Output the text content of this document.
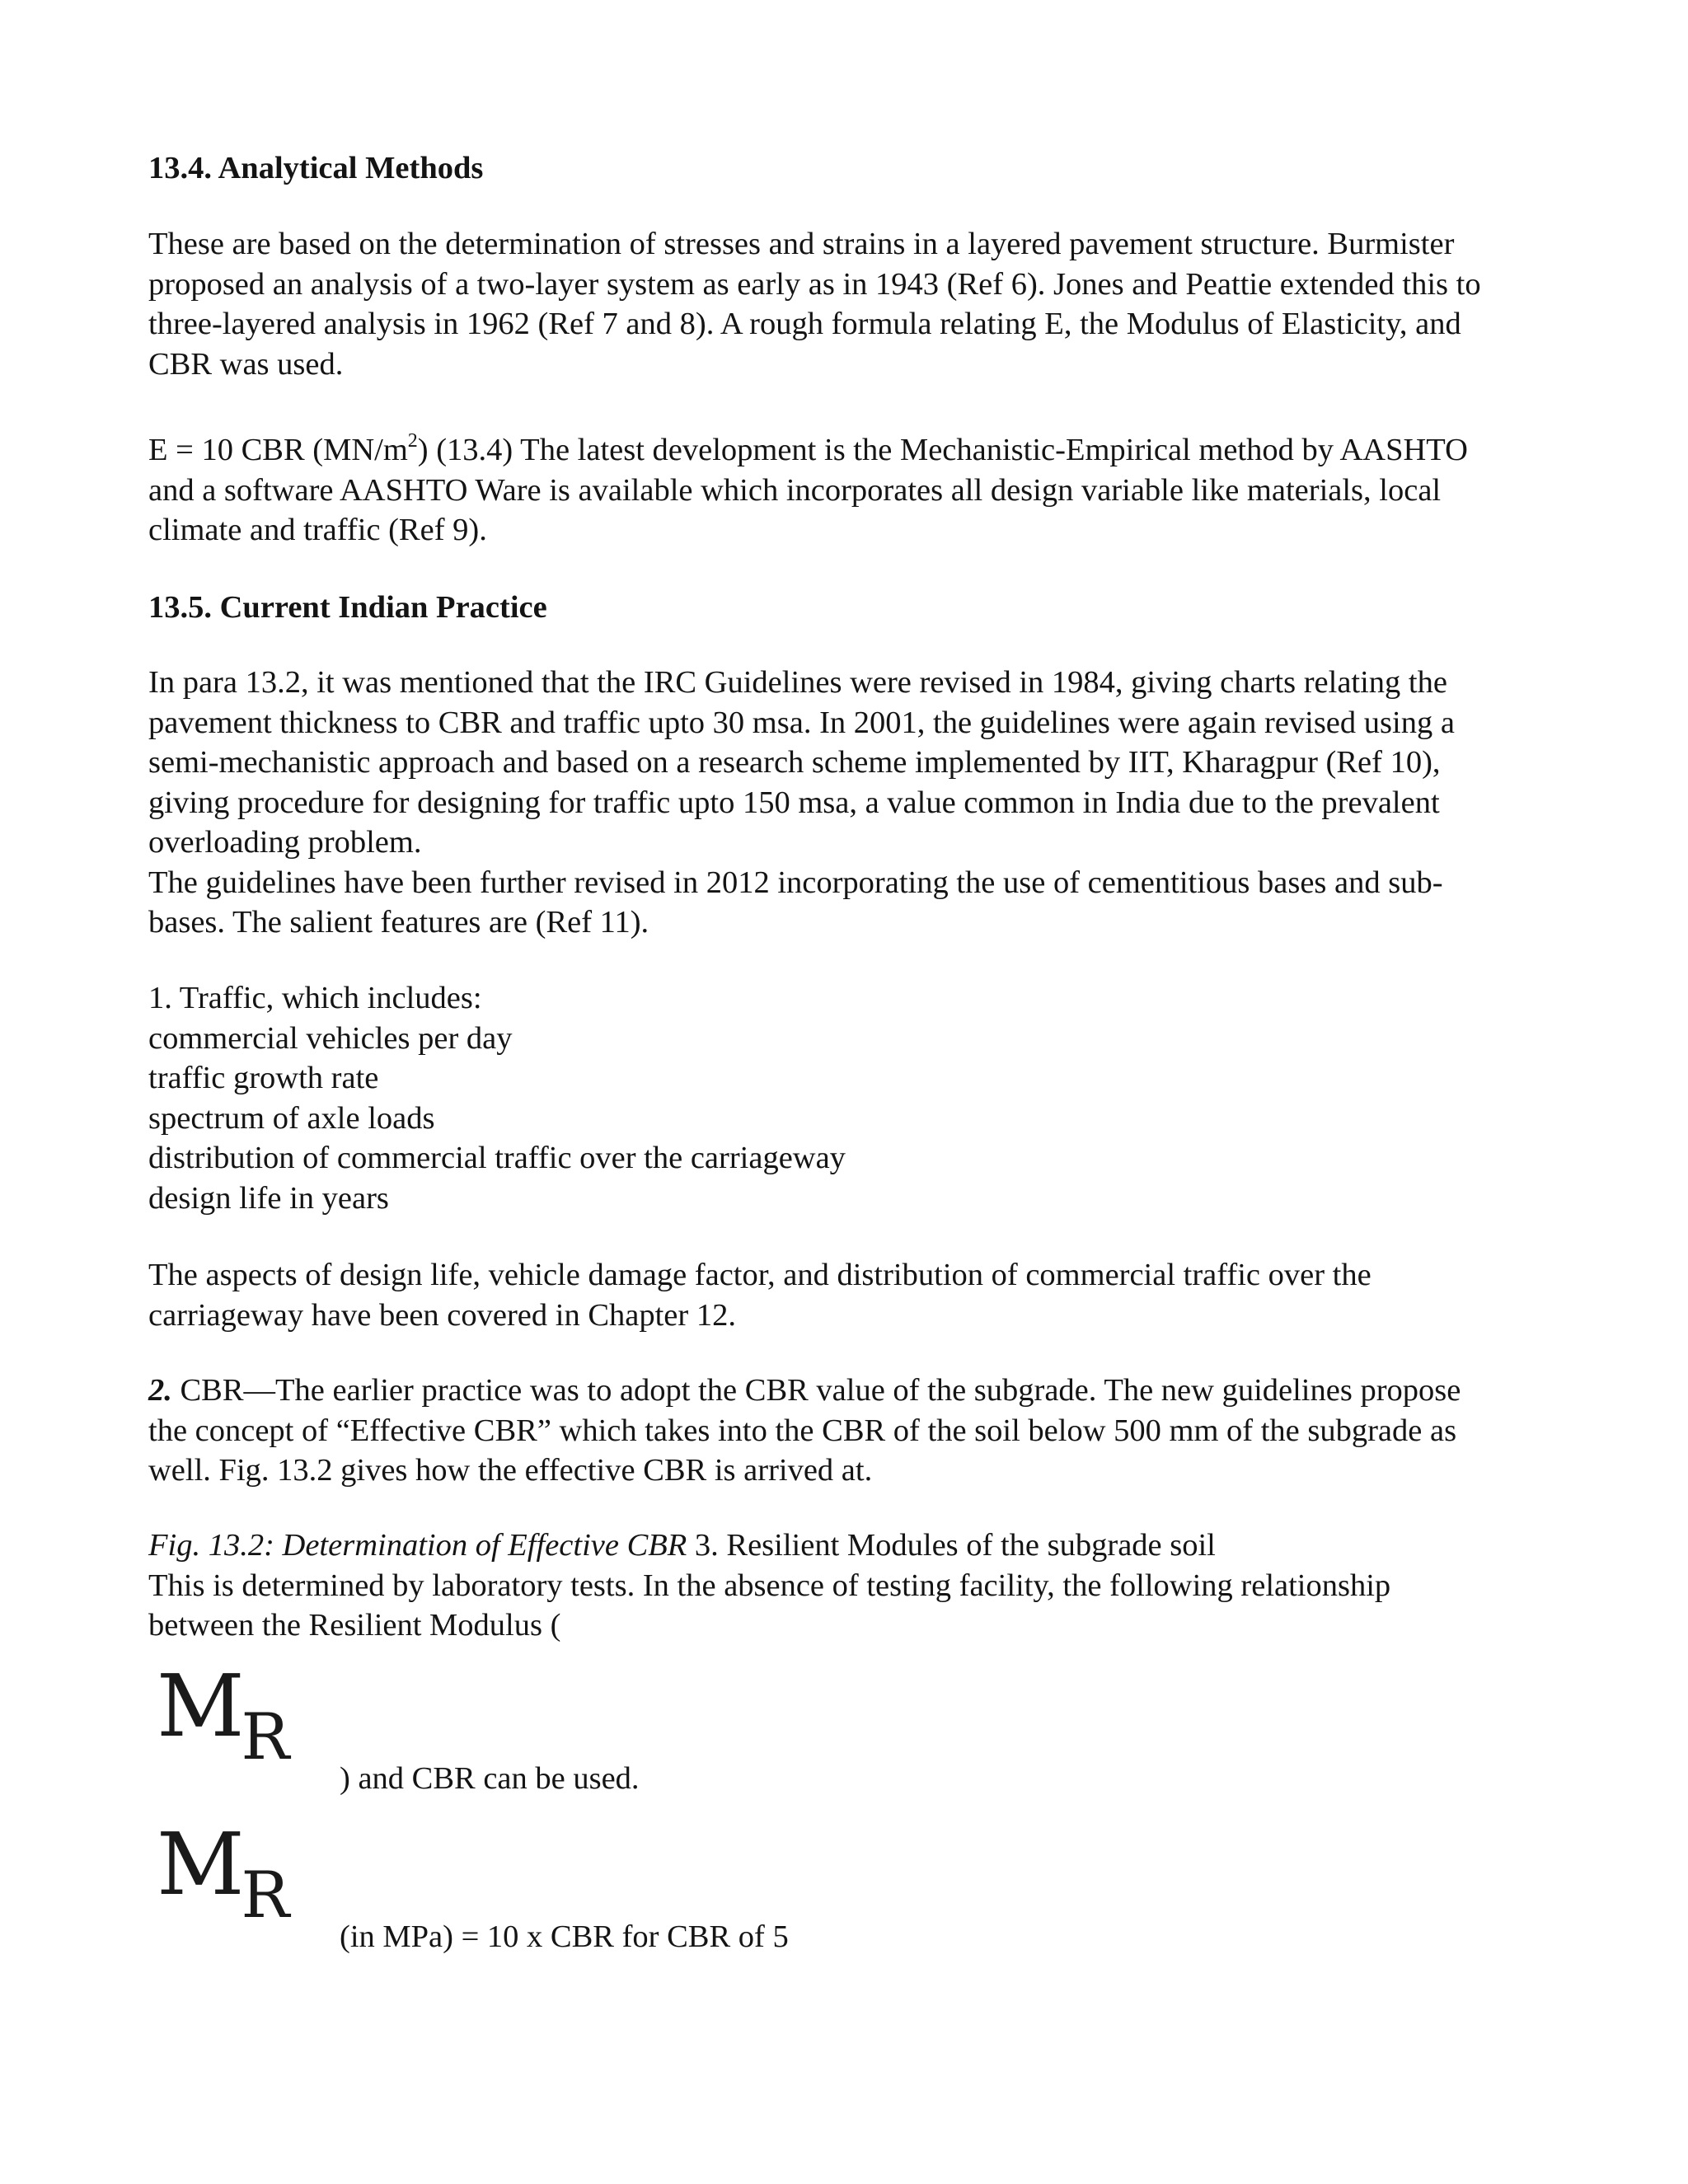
13.4. Analytical Methods
These are based on the determination of stresses and strains in a layered pavement structure. Burmister
proposed an analysis of a two-layer system as early as in 1943 (Ref 6). Jones and Peattie extended this to
three-layered analysis in 1962 (Ref 7 and 8). A rough formula relating E, the Modulus of Elasticity, and
CBR was used.
E = 10 CBR $(MN/m^2)$ (13.4) The latest development is the Mechanistic-Empirical method by AASHTO
and a software AASHTO Ware is available which incorporates all design variable like materials, local
climate and traffic (Ref 9).
13.5. Current Indian Practice
In para 13.2, it was mentioned that the IRC Guidelines were revised in 1984, giving charts relating the
pavement thickness to CBR and traffic upto 30 msa. In 2001, the guidelines were again revised using a
semi-mechanistic approach and based on a research scheme implemented by IIT, Kharagpur (Ref 10),
giving procedure for designing for traffic upto 150 msa, a value common in India due to the prevalent
overloading problem.
The guidelines have been further revised in 2012 incorporating the use of cementitious bases and sub-
bases. The salient features are (Ref 11).
1. Traffic, which includes:
commercial vehicles per day
traffic growth rate
spectrum of axle loads
distribution of commercial traffic over the carriageway
design life in years
The aspects of design life, vehicle damage factor, and distribution of commercial traffic over the
carriageway have been covered in Chapter 12.
2. CBR—The earlier practice was to adopt the CBR value of the subgrade. The new guidelines propose
the concept of “Effective CBR” which takes into the CBR of the soil below 500 mm of the subgrade as
well. Fig. 13.2 gives how the effective CBR is arrived at.
Fig. 13.2: Determination of Effective CBR 3. Resilient Modules of the subgrade soil
This is determined by laboratory tests. In the absence of testing facility, the following relationship
between the Resilient Modulus (
MR
) and CBR can be used.
MR
(in MPa) = 10 x CBR for CBR of 5
